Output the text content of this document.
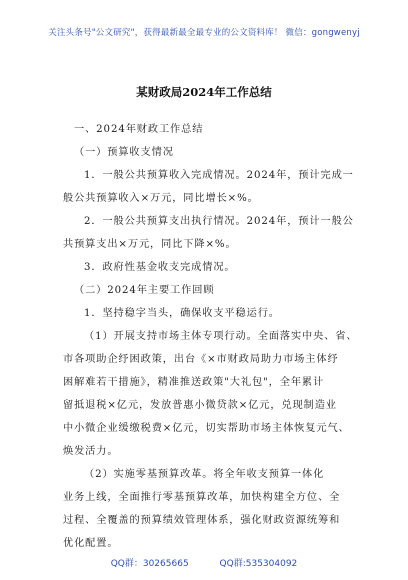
关注头条号"公文研究"，获得最新最全最专业的公文资料库！ 微信：gongwenyj
某财政局2024年工作总结
一、2024年财政工作总结
（一）预算收支情况
1．一般公共预算收入完成情况。2024年，预计完成一
般公共预算收入×万元，同比增长×%。
2．一般公共预算支出执行情况。2024年，预计一般公
共预算支出×万元，同比下降×%。
3．政府性基金收支完成情况。
（二）2024年主要工作回顾
1．坚持稳字当头，确保收支平稳运行。
（1）开展支持市场主体专项行动。全面落实中央、省、
市各项助企纾困政策，出台《×市财政局助力市场主体纾
困解难若干措施》，精准推送政策"大礼包"，全年累计
留抵退税×亿元，发放普惠小微贷款×亿元，兑现制造业
中小微企业缓缴税费×亿元，切实帮助市场主体恢复元气、
焕发活力。
（2）实施零基预算改革。将全年收支预算一体化
业务上线，全面推行零基预算改革，加快构建全方位、全
过程、全覆盖的预算绩效管理体系，强化财政资源统筹和
优化配置。
QQ群：30265665	QQ群:535304092
